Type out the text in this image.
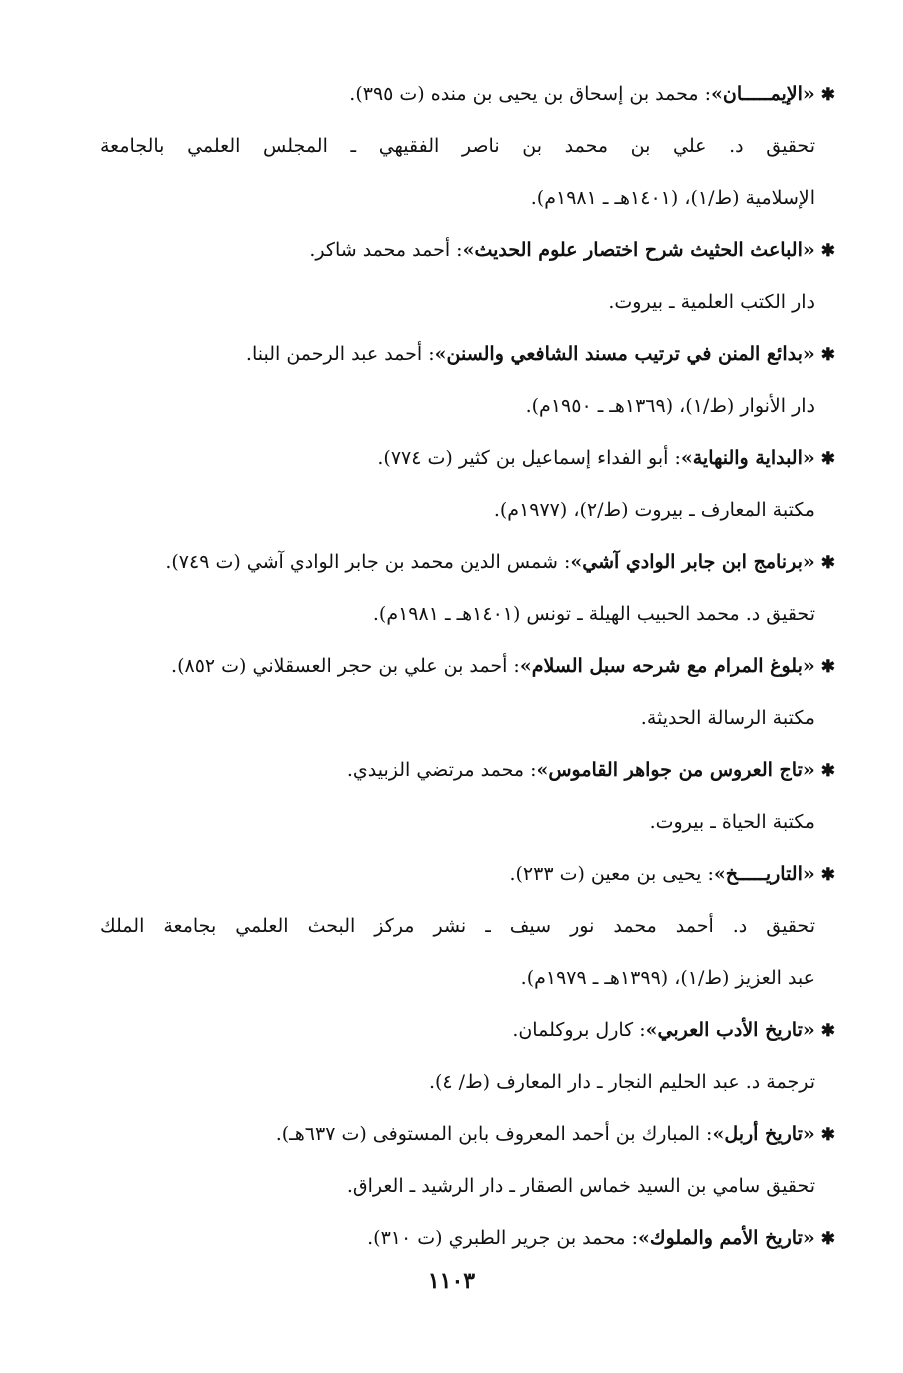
✱«الإيمـــــان»: محمد بن إسحاق بن يحيى بن منده (ت ٣٩٥).
تحقيق د. علي بن محمد بن ناصر الفقيهي ـ المجلس العلمي بالجامعة
الإسلامية (ط/١)، (١٤٠١هـ ـ ١٩٨١م).
✱«الباعث الحثيث شرح اختصار علوم الحديث»: أحمد محمد شاكر.
دار الكتب العلمية ـ بيروت.
✱«بدائع المنن في ترتيب مسند الشافعي والسنن»: أحمد عبد الرحمن البنا.
دار الأنوار (ط/١)، (١٣٦٩هـ ـ ١٩٥٠م).
✱«البداية والنهاية»: أبو الفداء إسماعيل بن كثير (ت ٧٧٤).
مكتبة المعارف ـ بيروت (ط/٢)، (١٩٧٧م).
✱«برنامج ابن جابر الوادي آشي»: شمس الدين محمد بن جابر الوادي آشي (ت ٧٤٩).
تحقيق د. محمد الحبيب الهيلة ـ تونس (١٤٠١هـ ـ ١٩٨١م).
✱«بلوغ المرام مع شرحه سبل السلام»: أحمد بن علي بن حجر العسقلاني (ت ٨٥٢).
مكتبة الرسالة الحديثة.
✱«تاج العروس من جواهر القاموس»: محمد مرتضي الزبيدي.
مكتبة الحياة ـ بيروت.
✱«التاريـــــخ»: يحيى بن معين (ت ٢٣٣).
تحقيق د. أحمد محمد نور سيف ـ نشر مركز البحث العلمي بجامعة الملك
عبد العزيز (ط/١)، (١٣٩٩هـ ـ ١٩٧٩م).
✱«تاريخ الأدب العربي»: كارل بروكلمان.
ترجمة د. عبد الحليم النجار ـ دار المعارف (ط/ ٤).
✱«تاريخ أربل»: المبارك بن أحمد المعروف بابن المستوفى (ت ٦٣٧هـ).
تحقيق سامي بن السيد خماس الصقار ـ دار الرشيد ـ العراق.
✱«تاريخ الأمم والملوك»: محمد بن جرير الطبري (ت ٣١٠).
١١٠٣
